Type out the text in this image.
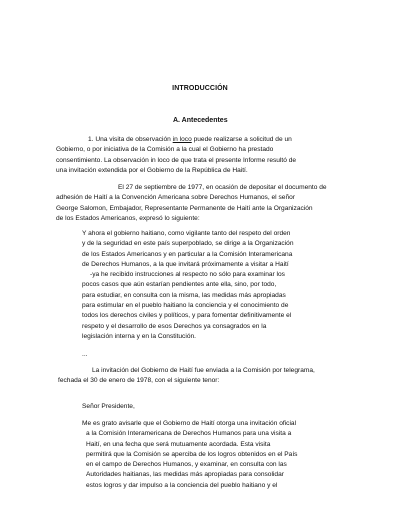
INTRODUCCIÓN
A. Antecedentes
1. Una visita de observación in loco puede realizarse a solicitud de un
Gobierno, o por iniciativa de la Comisión a la cual el Gobierno ha prestado
consentimiento. La observación in loco de que trata el presente Informe resultó de
una invitación extendida por el Gobierno de la República de Haití.
El 27 de septiembre de 1977, en ocasión de depositar el documento de
adhesión de Haití a la Convención Americana sobre Derechos Humanos, el señor
George Salomon, Embajador, Representante Permanente de Haití ante la Organización
de los Estados Americanos, expresó lo siguiente:
Y ahora el gobierno haitiano, como vigilante tanto del respeto del orden
y de la seguridad en este país superpoblado, se dirige a la Organización
de los Estados Americanos y en particular a la Comisión Interamericana
de Derechos Humanos, a la que invitará próximamente a visitar a Haití
-ya he recibido instrucciones al respecto no sólo para examinar los
pocos casos que aún estarían pendientes ante ella, sino, por todo,
para estudiar, en consulta con la misma, las medidas más apropiadas
para estimular en el pueblo haitiano la conciencia y el conocimiento de
todos los derechos civiles y políticos, y para fomentar definitivamente el
respeto y el desarrollo de esos Derechos ya consagrados en la
legislación interna y en la Constitución.
...
La invitación del Gobierno de Haití fue enviada a la Comisión por telegrama,
fechada el 30 de enero de 1978, con el siguiente tenor:
Señor Presidente,
Me es grato avisarle que el Gobierno de Haití otorga una invitación oficial
a la Comisión Interamericana de Derechos Humanos para una visita a
Haití, en una fecha que será mutuamente acordada. Esta visita
permitirá que la Comisión se aperciba de los logros obtenidos en el País
en el campo de Derechos Humanos, y examinar, en consulta con las
Autoridades haitianas, las medidas más apropiadas para consolidar
estos logros y dar impulso a la conciencia del pueblo haitiano y el
